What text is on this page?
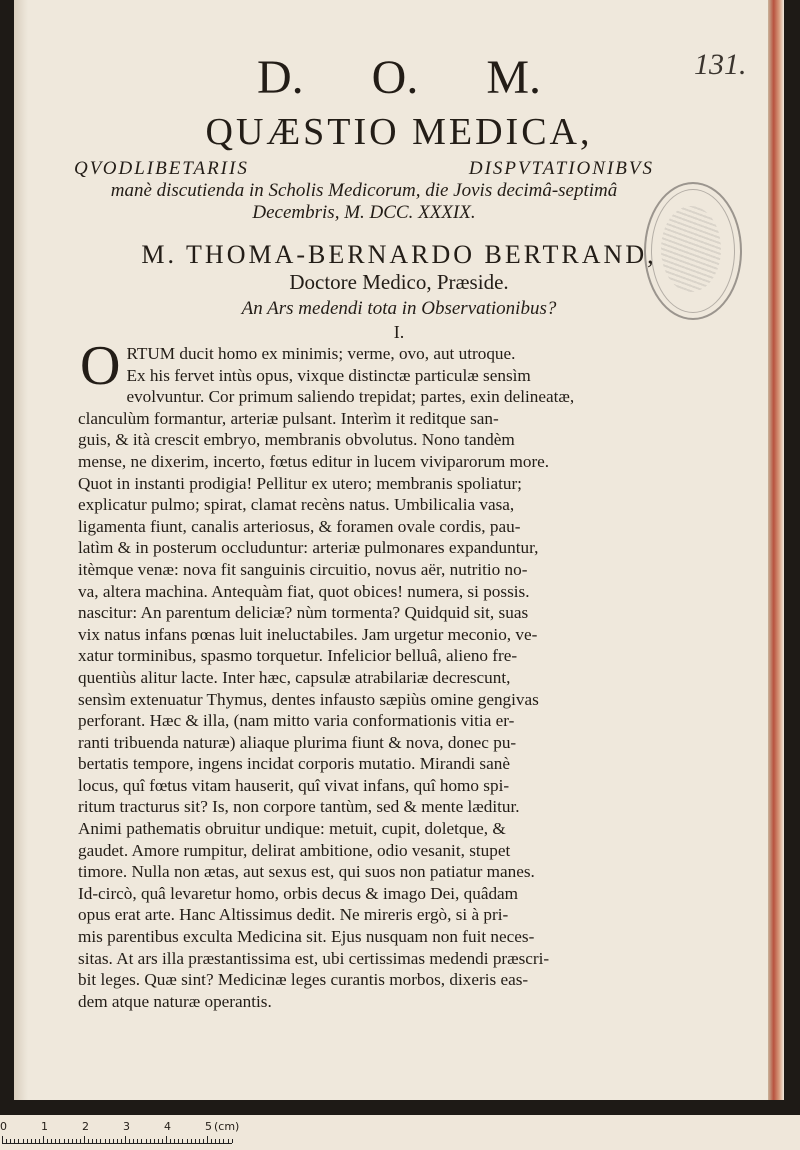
131.
D. O. M.
QUÆSTIO MEDICA,
QVODLIBETARIIS	DISPVTATIONIBVS
manè discutienda in Scholis Medicorum, die Jovis decimâ-septimâ
Decembris, M. DCC. XXXIX.
M. THOMA-BERNARDO BERTRAND,
Doctore Medico, Præside.
An Ars medendi tota in Observationibus?
I.
O RTUM ducit homo ex minimis; verme, ovo, aut utroque.

Ex his fervet intùs opus, vixque distinctæ particulæ sensìm

evolvuntur. Cor primum saliendo trepidat; partes, exin delineatæ,

clanculùm formantur, arteriæ pulsant. Interìm it reditque san-

guis, & ità crescit embryo, membranis obvolutus. Nono tandèm

mense, ne dixerim, incerto, fœtus editur in lucem viviparorum more.

Quot in instanti prodigia! Pellitur ex utero; membranis spoliatur;

explicatur pulmo; spirat, clamat recèns natus. Umbilicalia vasa,

ligamenta fiunt, canalis arteriosus, & foramen ovale cordis, pau-

latìm & in posterum occluduntur: arteriæ pulmonares expanduntur,

itèmque venæ: nova fit sanguinis circuitio, novus aër, nutritio no-

va, altera machina. Antequàm fiat, quot obices! numera, si possis.

nascitur: An parentum deliciæ? nùm tormenta? Quidquid sit, suas

vix natus infans pœnas luit ineluctabiles. Jam urgetur meconio, ve-

xatur torminibus, spasmo torquetur. Infelicior belluâ, alieno fre-

quentiùs alitur lacte. Inter hæc, capsulæ atrabilariæ decrescunt,

sensìm extenuatur Thymus, dentes infausto sæpiùs omine gengivas

perforant. Hæc & illa, (nam mitto varia conformationis vitia er-

ranti tribuenda naturæ) aliaque plurima fiunt & nova, donec pu-

bertatis tempore, ingens incidat corporis mutatio. Mirandi sanè

locus, quî fœtus vitam hauserit, quî vivat infans, quî homo spi-

ritum tracturus sit? Is, non corpore tantùm, sed & mente læditur.

Animi pathematis obruitur undique: metuit, cupit, doletque, &

gaudet. Amore rumpitur, delirat ambitione, odio vesanit, stupet

timore. Nulla non ætas, aut sexus est, qui suos non patiatur manes.

Id-circò, quâ levaretur homo, orbis decus & imago Dei, quâdam

opus erat arte. Hanc Altissimus dedit. Ne mireris ergò, si à pri-

mis parentibus exculta Medicina sit. Ejus nusquam non fuit neces-

sitas. At ars illa præstantissima est, ubi certissimas medendi præscri-

bit leges. Quæ sint? Medicinæ leges curantis morbos, dixeris eas-

dem atque naturæ operantis.

0	1	2	3	4	5 (cm)
